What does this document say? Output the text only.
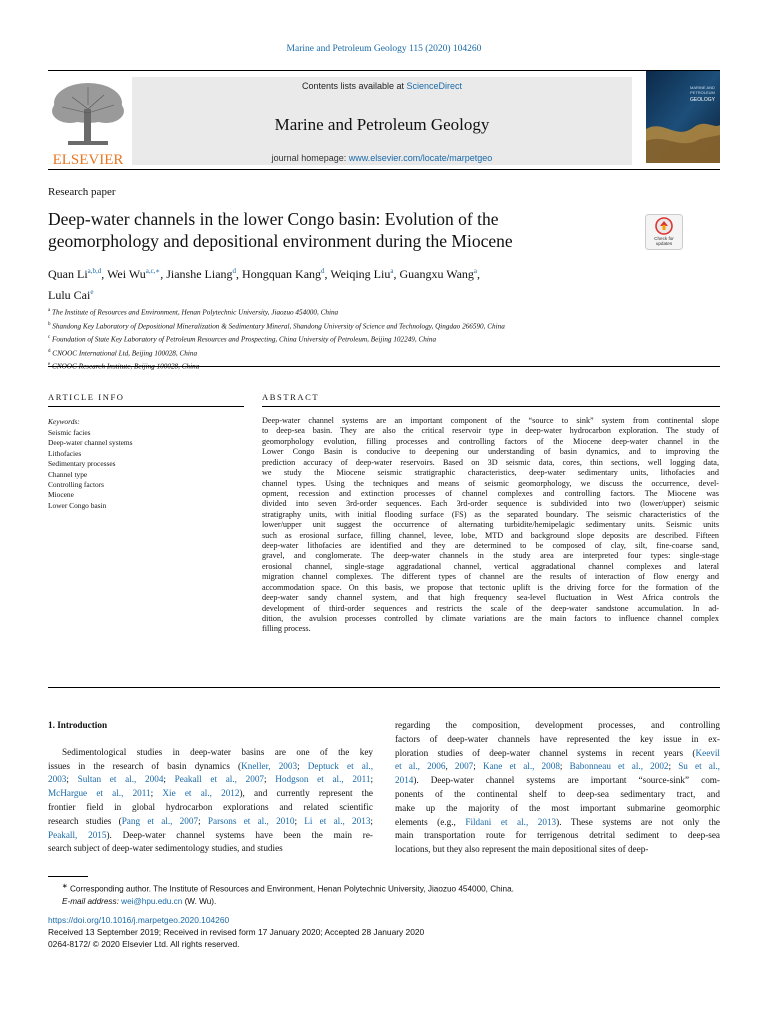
Marine and Petroleum Geology 115 (2020) 104260
ELSEVIER
Contents lists available at ScienceDirect
Marine and Petroleum Geology
journal homepage: www.elsevier.com/locate/marpetgeo
MARINE AND
PETROLEUM
GEOLOGY
Research paper
Deep-water channels in the lower Congo basin: Evolution of the
geomorphology and depositional environment during the Miocene	Check for
updates
Quan Li$^{a,b,d}$, Wei $Wu^{a,c,∗}$, Jianshe Liang$^d$, Hongquan Kang$^d$, Weiqing Liu$^a$, Guangxu Wang$^a$,
Lulu Cai$^e$
$^a$ The Institute of Resources and Environment, Henan Polytechnic University, Jiaozuo 454000, China
$^b$ Shandong Key Laboratory of Depositional Mineralization & Sedimentary Mineral, Shandong University of Science and Technology, Qingdao 266590, China
$^c$ Foundation of State Key Laboratory of Petroleum Resources and Prospecting, China University of Petroleum, Beijing 102249, China
$^d$ CNOOC International Ltd, Beijing 100028, China
$^e$ CNOOC Research Institute, Beijing 100028, China
ARTICLE INFO	ABSTRACT
Keywords:
Seismic facies
Deep-water channel systems
Lithofacies
Sedimentary processes
Channel type
Controlling factors
Miocene
Lower Congo basin
Deep-water channel systems are an important component of the “source to sink” system from continental slope
to deep-sea basin. They are also the critical reservoir type in deep-water hydrocarbon exploration. The study of
geomorphology evolution, filling processes and controlling factors of the Miocene deep-water channel in the
Lower Congo Basin is conducive to deepening our understanding of basin dynamics, and to improving the
prediction accuracy of deep-water reservoirs. Based on 3D seismic data, cores, thin sections, well logging data,
we study the Miocene seismic stratigraphic characteristics, deep-water sedimentary units, lithofacies and
channel types. Using the techniques and means of seismic geomorphology, we discuss the occurrence, devel-
opment, recession and extinction processes of channel complexes and controlling factors. The Miocene was
divided into seven 3rd-order sequences. Each 3rd-order sequence is subdivided into two (lower/upper) seismic
stratigraphy units, with initial flooding surface (FS) as the separated boundary. The seismic characteristics of the
lower/upper unit suggest the occurrence of alternating turbidite/hemipelagic sedimentary units. Seismic units
such as erosional surface, filling channel, levee, lobe, MTD and background slope deposits are described. Fifteen
deep-water lithofacies are identified and they are determined to be composed of clay, silt, fine-coarse sand,
gravel, and conglomerate. The deep-water channels in the study area are interpreted four types: single-stage
erosional channel, single-stage aggradational channel, vertical aggradational channel complexes and lateral
migration channel complexes. The different types of channel are the results of interaction of flow energy and
accommodation space. On this basis, we propose that tectonic uplift is the driving force for the formation of the
deep-water sandy channel system, and that high frequency sea-level fluctuation in West Africa controls the
development of third-order sequences and restricts the scale of the deep-water sandstone accumulation. In ad-
dition, the avulsion processes controlled by climate variations are the main factors to influence channel complex
filling process.
1. Introduction
Sedimentological studies in deep-water basins are one of the key
issues in the research of basin dynamics (Kneller, 2003; Deptuck et al.,
2003; Sultan et al., 2004; Peakall et al., 2007; Hodgson et al., 2011;
McHargue et al., 2011; Xie et al., 2012), and currently represent the
frontier field in global hydrocarbon explorations and related scientific
research studies (Pang et al., 2007; Parsons et al., 2010; Li et al., 2013;
Peakall, 2015). Deep-water channel systems have been the main re-
search subject of deep-water sedimentology studies, and studies
regarding the composition, development processes, and controlling
factors of deep-water channels have represented the key issue in ex-
ploration studies of deep-water channel systems in recent years (Keevil
et al., 2006, 2007; Kane et al., 2008; Babonneau et al., 2002; Su et al.,
2014). Deep-water channel systems are important “source-sink” com-
ponents of the continental shelf to deep-sea sedimentary tract, and
make up the majority of the most important submarine geomorphic
elements (e.g., Fildani et al., 2013). These systems are not only the
main transportation route for terrigenous detrital sediment to deep-sea
locations, but they also represent the main depositional sites of deep-
∗ Corresponding author. The Institute of Resources and Environment, Henan Polytechnic University, Jiaozuo 454000, China.
E-mail address: wei@hpu.edu.cn (W. Wu).
https://doi.org/10.1016/j.marpetgeo.2020.104260
Received 13 September 2019; Received in revised form 17 January 2020; Accepted 28 January 2020
0264-8172/ © 2020 Elsevier Ltd. All rights reserved.
